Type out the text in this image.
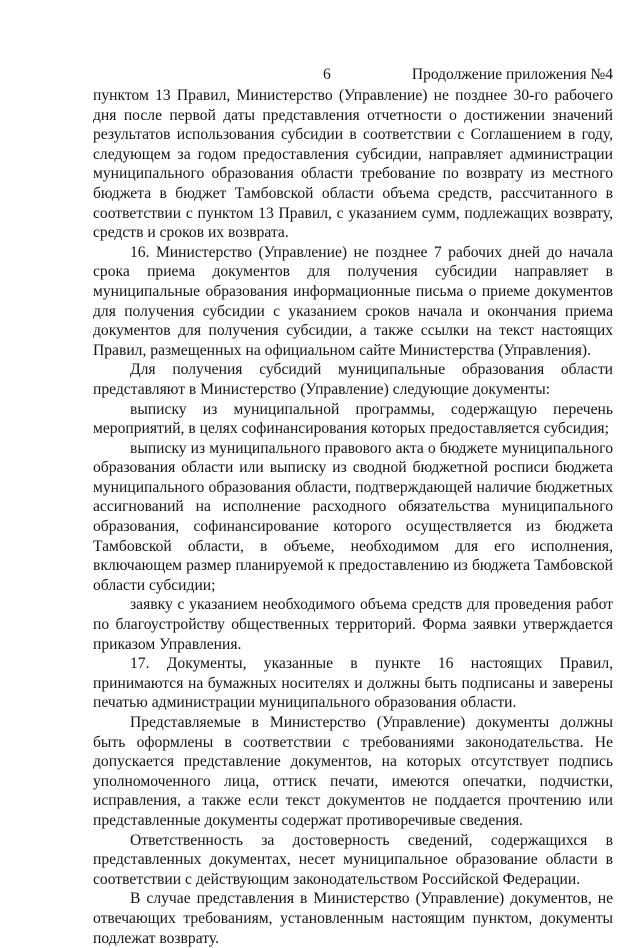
6	Продолжение приложения №4

пунктом 13 Правил, Министерство (Управление) не позднее 30-го рабочего дня после первой даты представления отчетности о достижении значений результатов использования субсидии в соответствии с Соглашением в году, следующем за годом предоставления субсидии, направляет администрации муниципального образования области требование по возврату из местного бюджета в бюджет Тамбовской области объема средств, рассчитанного в соответствии с пунктом 13 Правил, с указанием сумм, подлежащих возврату, средств и сроков их возврата.

16. Министерство (Управление) не позднее 7 рабочих дней до начала срока приема документов для получения субсидии направляет в муниципальные образования информационные письма о приеме документов для получения субсидии с указанием сроков начала и окончания приема документов для получения субсидии, а также ссылки на текст настоящих Правил, размещенных на официальном сайте Министерства (Управления).

Для получения субсидий муниципальные образования области представляют в Министерство (Управление) следующие документы:

выписку из муниципальной программы, содержащую перечень мероприятий, в целях софинансирования которых предоставляется субсидия;

выписку из муниципального правового акта о бюджете муниципального образования области или выписку из сводной бюджетной росписи бюджета муниципального образования области, подтверждающей наличие бюджетных ассигнований на исполнение расходного обязательства муниципального образования, софинансирование которого осуществляется из бюджета Тамбовской области, в объеме, необходимом для его исполнения, включающем размер планируемой к предоставлению из бюджета Тамбовской области субсидии;

заявку с указанием необходимого объема средств для проведения работ по благоустройству общественных территорий. Форма заявки утверждается приказом Управления.

17. Документы, указанные в пункте 16 настоящих Правил, принимаются на бумажных носителях и должны быть подписаны и заверены печатью администрации муниципального образования области.

Представляемые в Министерство (Управление) документы должны быть оформлены в соответствии с требованиями законодательства. Не допускается представление документов, на которых отсутствует подпись уполномоченного лица, оттиск печати, имеются опечатки, подчистки, исправления, а также если текст документов не поддается прочтению или представленные документы содержат противоречивые сведения.

Ответственность за достоверность сведений, содержащихся в представленных документах, несет муниципальное образование области в соответствии с действующим законодательством Российской Федерации.

В случае представления в Министерство (Управление) документов, не отвечающих требованиям, установленным настоящим пунктом, документы подлежат возврату.
